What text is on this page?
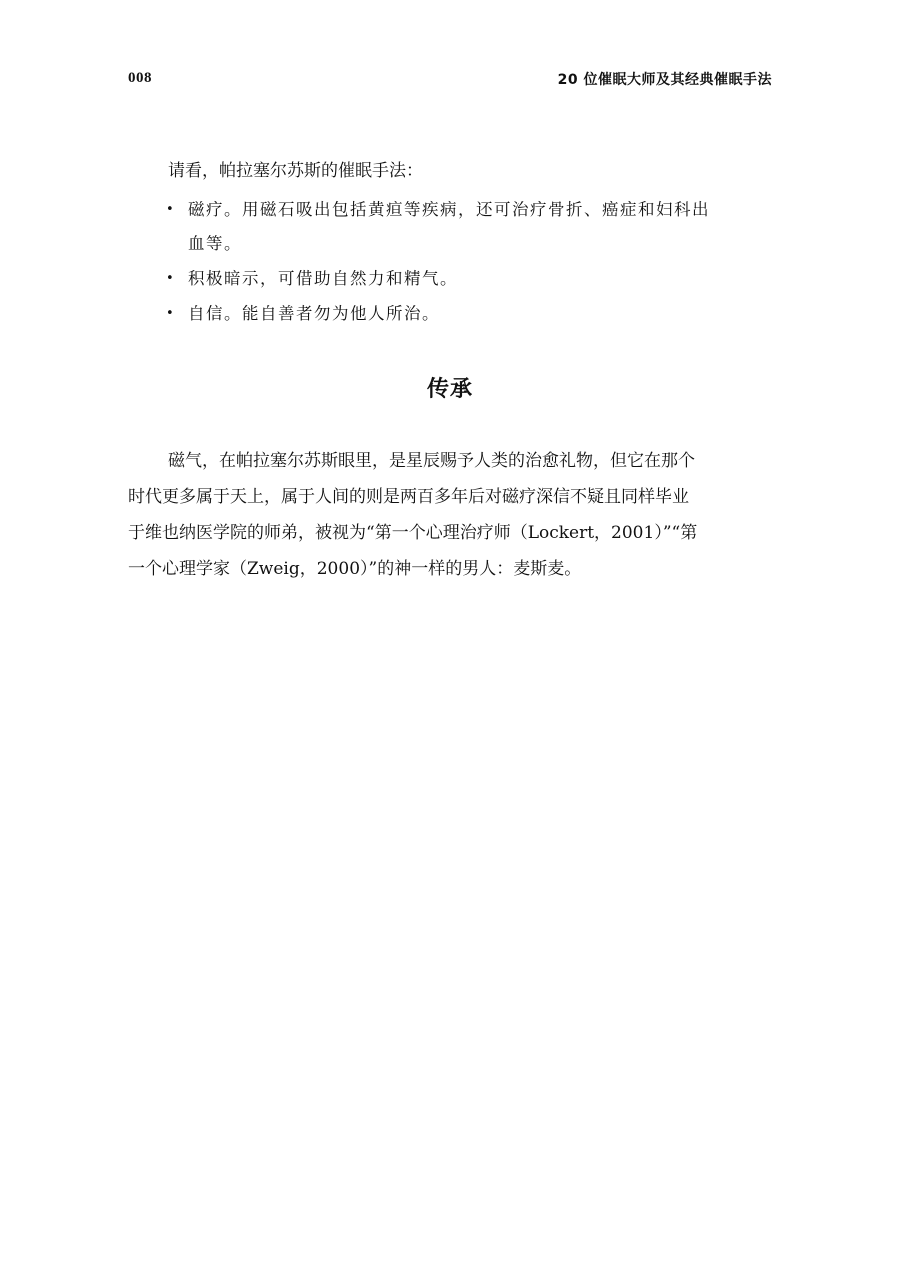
008	20 位催眠大师及其经典催眠手法
请看，帕拉塞尔苏斯的催眠手法：
• 磁疗。用磁石吸出包括黄疸等疾病，还可治疗骨折、癌症和妇科出
血等。
• 积极暗示，可借助自然力和精气。
• 自信。能自善者勿为他人所治。
传承
磁气，在帕拉塞尔苏斯眼里，是星辰赐予人类的治愈礼物，但它在那个
时代更多属于天上，属于人间的则是两百多年后对磁疗深信不疑且同样毕业
于维也纳医学院的师弟，被视为“第一个心理治疗师（Lockert，2001）”“第
一个心理学家（Zweig，2000）”的神一样的男人：麦斯麦。
